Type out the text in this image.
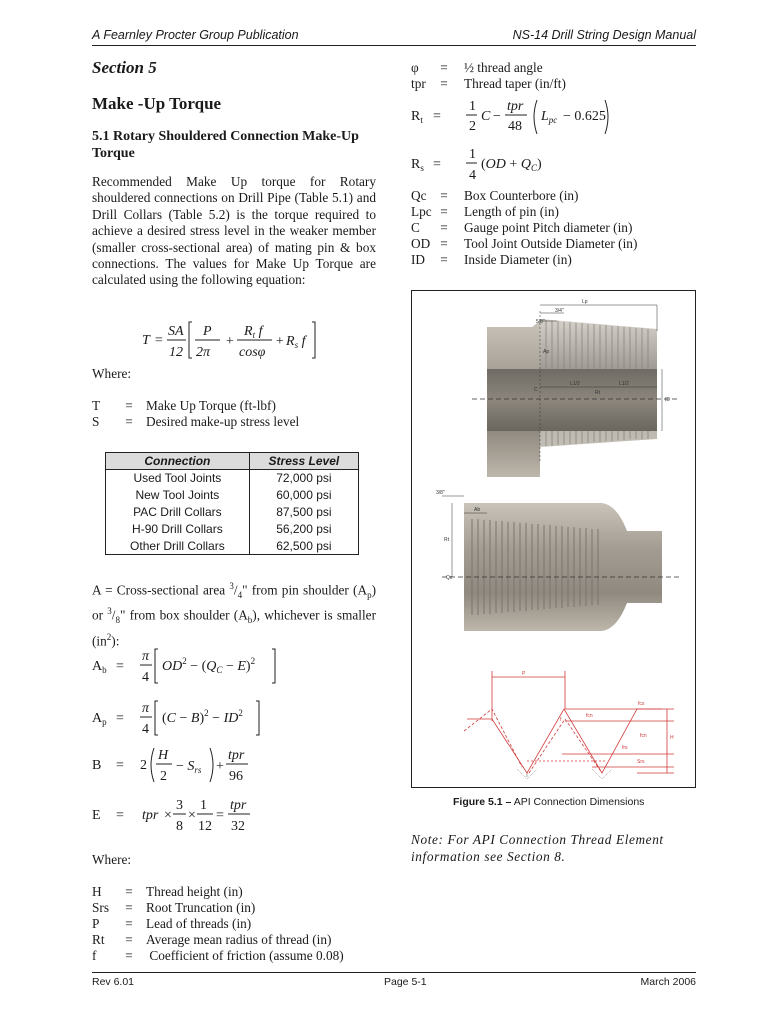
A Fearnley Procter Group Publication	NS-14 Drill String Design Manual
Section 5
Make -Up Torque
5.1 Rotary Shouldered Connection Make-Up Torque
Recommended Make Up torque for Rotary shouldered connections on Drill Pipe (Table 5.1) and Drill Collars (Table 5.2) is the torque required to achieve a desired stress level in the weaker member (smaller cross-sectional area) of mating pin & box connections. The values for Make Up Torque are calculated using the following equation:
T =
SA
12
P
2π
+
$R_t$ f
cosφ
+ $R_s$ f
Where:
T = Make Up Torque (ft-lbf)
S = Desired make-up stress level
Connection	Stress Level
Used Tool Joints	72,000 psi
New Tool Joints	60,000 psi
PAC Drill Collars	87,500 psi
H-90 Drill Collars	56,200 psi
Other Drill Collars	62,500 psi
A = Cross-sectional area $^3/_4$" from pin shoulder $(A_p)$ or $^3/_8$" from box shoulder $(A_b)$, whichever is smaller $(in^2)$:
$A_b$ =
π
4
$OD^2 - (Q_C - E)^2$
$A_p$ =
π
4
$(C - B)^2 - ID^2$
B = 2
H
2
− $S_{rs}$ +
tpr
96
E = tpr ×
3
8
×
1
12
=
tpr
32
Where:
H = Thread height (in)
Srs = Root Truncation (in)
P = Lead of threads (in)
Rt = Average mean radius of thread (in)
f = Coefficient of friction (assume 0.08)
φ = ½ thread angle
tpr = Thread taper (in/ft)
$R_t$ =
1
2
C −
tpr
48
$L_{pc} - 0.625$
$R_s$ =
1
4
$(OD + Q_C)$
Qc = Box Counterbore (in)
Lpc = Length of pin (in)
C = Gauge point Pitch diameter (in)
OD = Tool Joint Outside Diameter (in)
ID = Inside Diameter (in)
Lp
3/4"
5/8"
Ap
C	Rt
L1/2	L1/2
ID
3/8"
Ab
Rt
Qc
P
fcn
fcs
frs
f
H
Srs
fcn
Figure 5.1 – API Connection Dimensions
Note: For API Connection Thread Element information see Section 8.
Rev 6.01	Page 5-1	March 2006
